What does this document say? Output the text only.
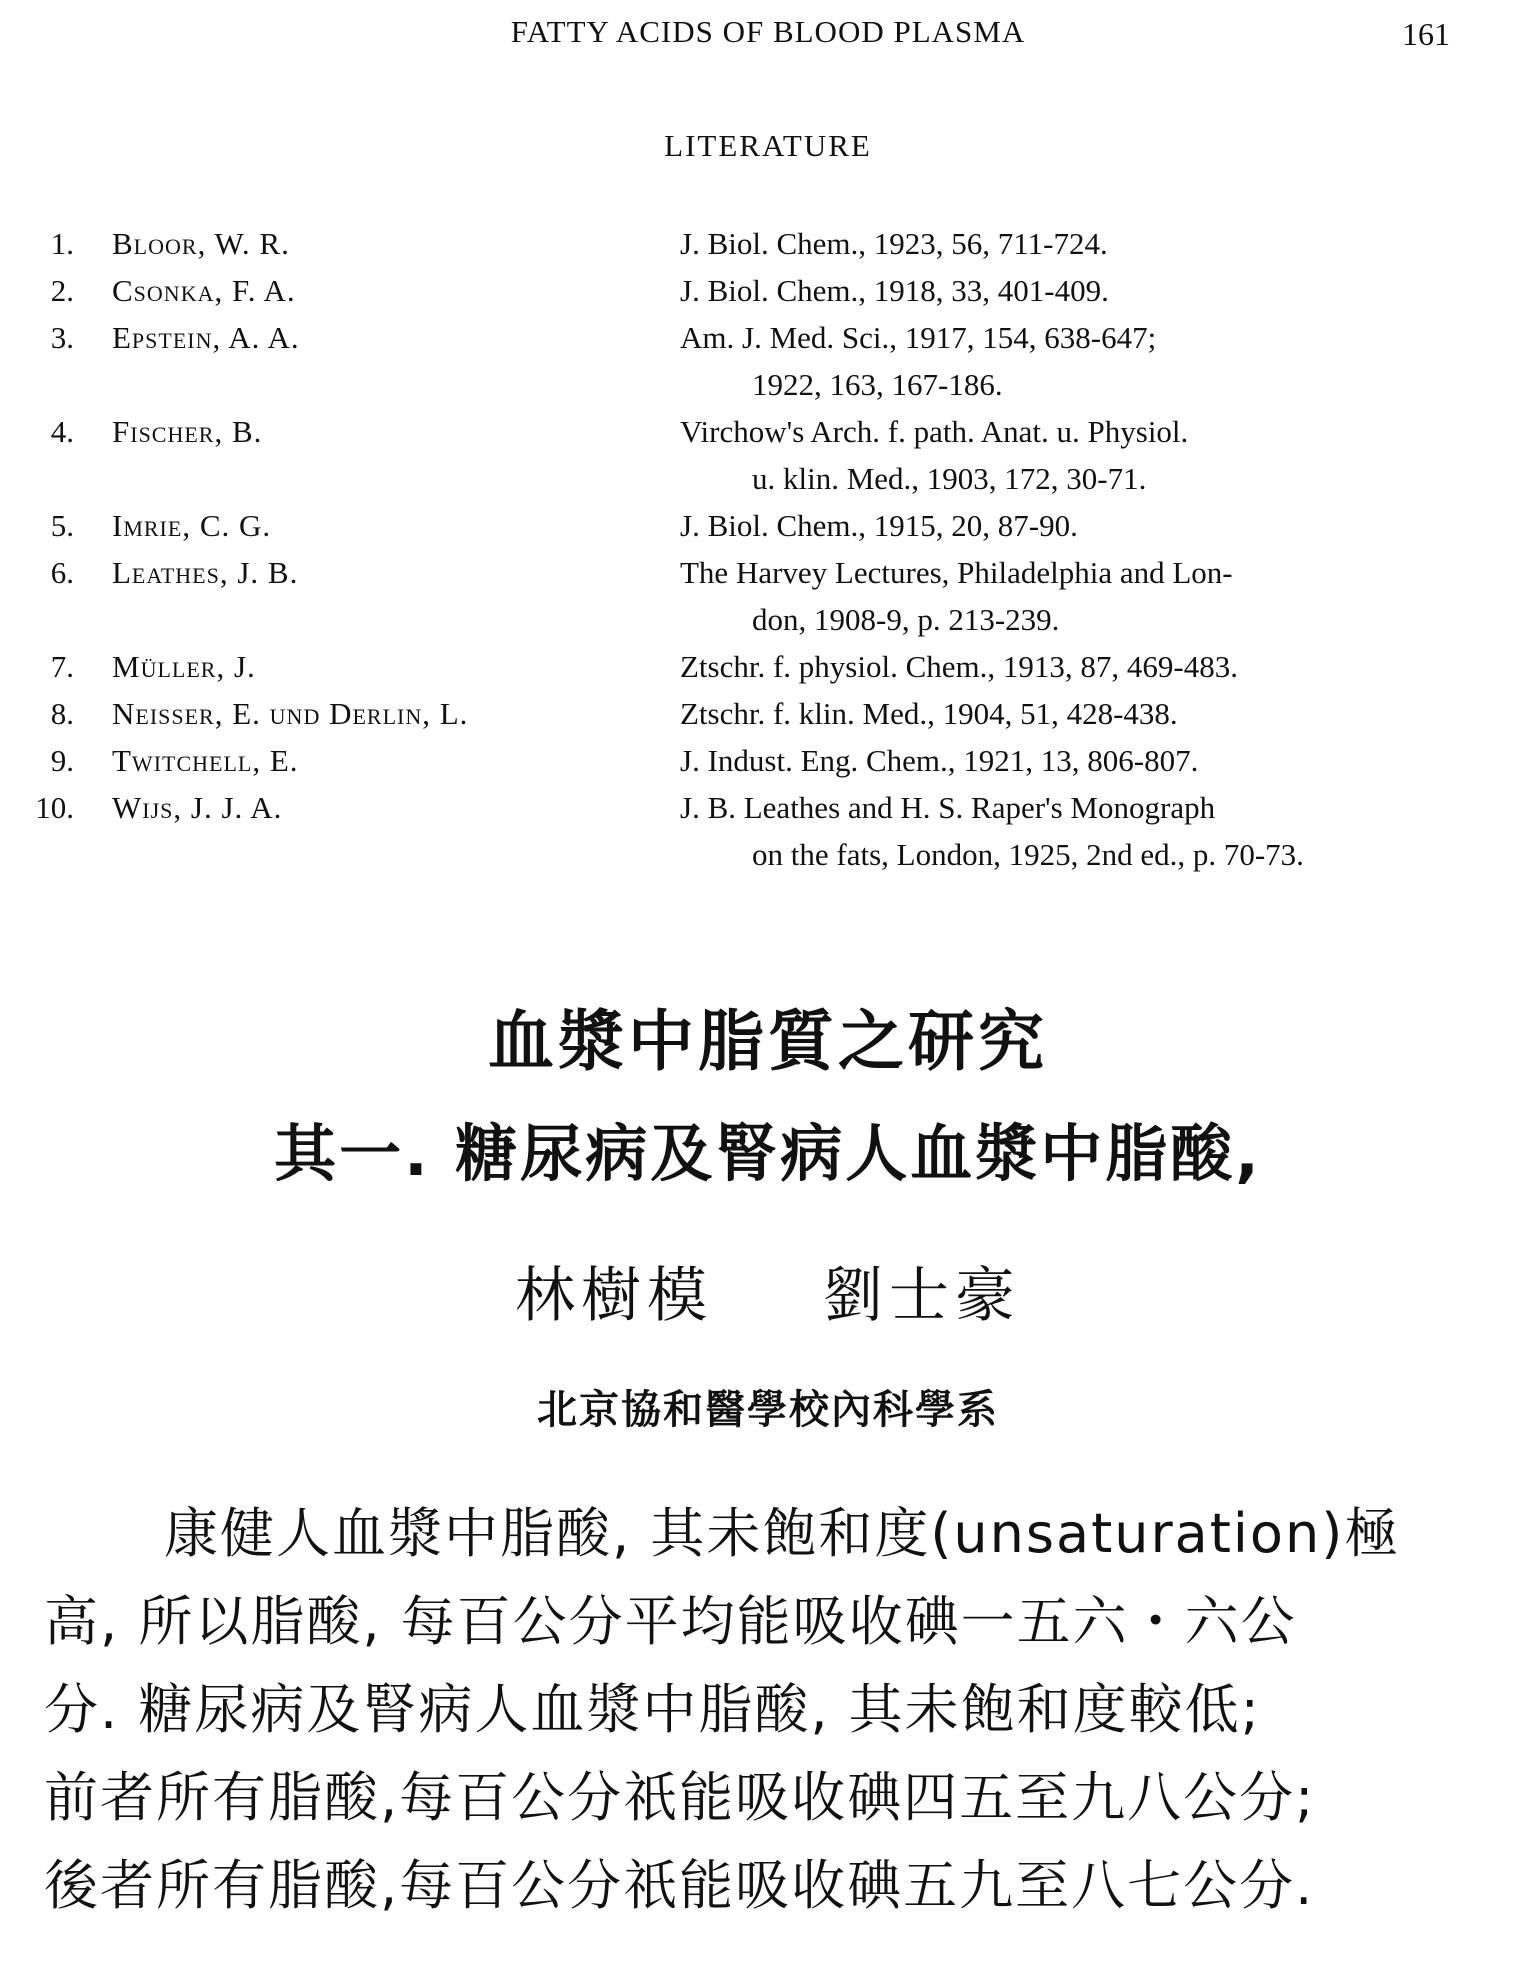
FATTY ACIDS OF BLOOD PLASMA	161
LITERATURE
1.	Bloor, W. R.	J. Biol. Chem., 1923, 56, 711-724.
2.	Csonka, F. A.	J. Biol. Chem., 1918, 33, 401-409.
3.	Epstein, A. A.	Am. J. Med. Sci., 1917, 154, 638-647;
1922, 163, 167-186.
4.	Fischer, B.	Virchow's Arch. f. path. Anat. u. Physiol.
u. klin. Med., 1903, 172, 30-71.
5.	Imrie, C. G.	J. Biol. Chem., 1915, 20, 87-90.
6.	Leathes, J. B.	The Harvey Lectures, Philadelphia and Lon-
don, 1908-9, p. 213-239.
7.	Müller, J.	Ztschr. f. physiol. Chem., 1913, 87, 469-483.
8.	Neisser, E. und Derlin, L.	Ztschr. f. klin. Med., 1904, 51, 428-438.
9.	Twitchell, E.	J. Indust. Eng. Chem., 1921, 13, 806-807.
10.	Wijs, J. J. A.	J. B. Leathes and H. S. Raper's Monograph
on the fats, London, 1925, 2nd ed., p. 70-73.
血漿中脂質之研究
其一. 糖尿病及腎病人血漿中脂酸,
林樹模 劉士豪
北京協和醫學校內科學系
康健人血漿中脂酸, 其未飽和度(unsaturation)極
高, 所以脂酸, 每百公分平均能吸收碘一五六・六公
分. 糖尿病及腎病人血漿中脂酸, 其未飽和度較低;
前者所有脂酸,每百公分祇能吸收碘四五至九八公分;
後者所有脂酸,每百公分祇能吸收碘五九至八七公分.
